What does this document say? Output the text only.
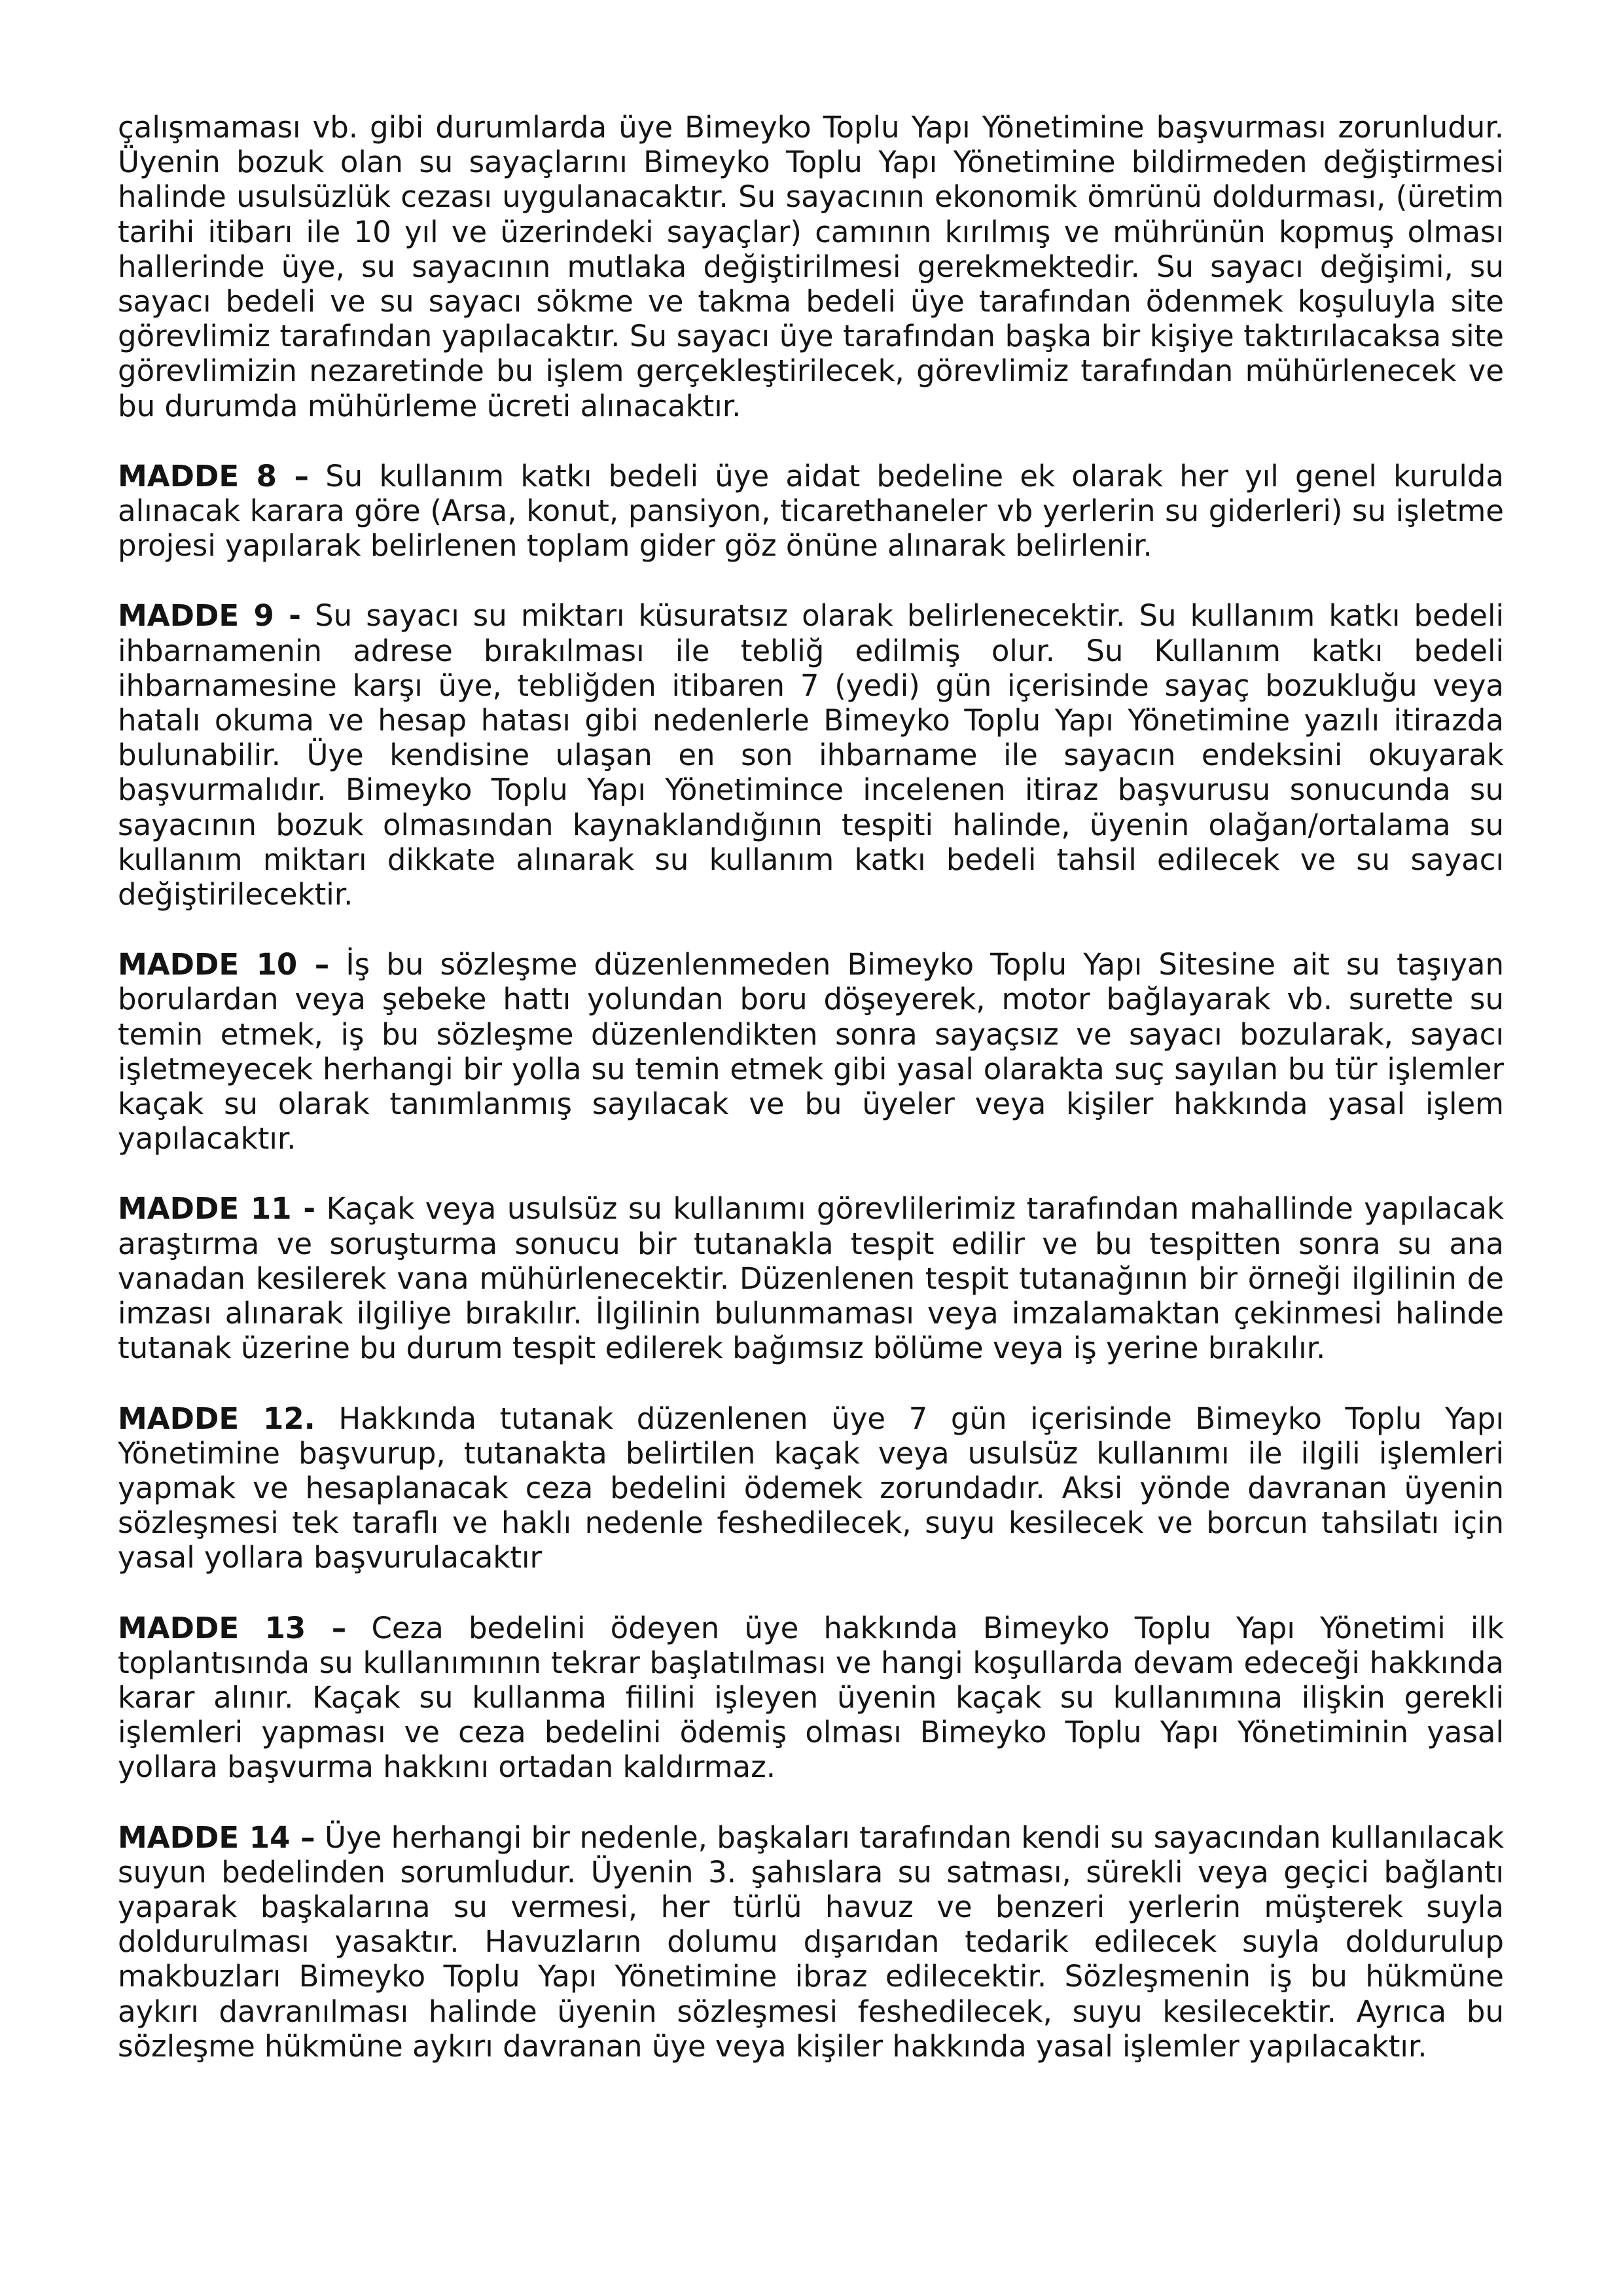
çalışmaması vb. gibi durumlarda üye Bimeyko Toplu Yapı Yönetimine başvurması zorunludur. Üyenin bozuk olan su sayaçlarını Bimeyko Toplu Yapı Yönetimine bildirmeden değiştirmesi halinde usulsüzlük cezası uygulanacaktır. Su sayacının ekonomik ömrünü doldurması, (üretim tarihi itibarı ile 10 yıl ve üzerindeki sayaçlar) camının kırılmış ve mührünün kopmuş olması hallerinde üye, su sayacının mutlaka değiştirilmesi gerekmektedir. Su sayacı değişimi, su sayacı bedeli ve su sayacı sökme ve takma bedeli üye tarafından ödenmek koşuluyla site görevlimiz tarafından yapılacaktır. Su sayacı üye tarafından başka bir kişiye taktırılacaksa site görevlimizin nezaretinde bu işlem gerçekleştirilecek, görevlimiz tarafından mühürlenecek ve bu durumda mühürleme ücreti alınacaktır.

MADDE 8 – Su kullanım katkı bedeli üye aidat bedeline ek olarak her yıl genel kurulda alınacak karara göre (Arsa, konut, pansiyon, ticarethaneler vb yerlerin su giderleri) su işletme projesi yapılarak belirlenen toplam gider göz önüne alınarak belirlenir.

MADDE 9 - Su sayacı su miktarı küsuratsız olarak belirlenecektir. Su kullanım katkı bedeli ihbarnamenin adrese bırakılması ile tebliğ edilmiş olur. Su Kullanım katkı bedeli ihbarnamesine karşı üye, tebliğden itibaren 7 (yedi) gün içerisinde sayaç bozukluğu veya hatalı okuma ve hesap hatası gibi nedenlerle Bimeyko Toplu Yapı Yönetimine yazılı itirazda bulunabilir. Üye kendisine ulaşan en son ihbarname ile sayacın endeksini okuyarak başvurmalıdır. Bimeyko Toplu Yapı Yönetimince incelenen itiraz başvurusu sonucunda su sayacının bozuk olmasından kaynaklandığının tespiti halinde, üyenin olağan/ortalama su kullanım miktarı dikkate alınarak su kullanım katkı bedeli tahsil edilecek ve su sayacı değiştirilecektir.

MADDE 10 – İş bu sözleşme düzenlenmeden Bimeyko Toplu Yapı Sitesine ait su taşıyan borulardan veya şebeke hattı yolundan boru döşeyerek, motor bağlayarak vb. surette su temin etmek, iş bu sözleşme düzenlendikten sonra sayaçsız ve sayacı bozularak, sayacı işletmeyecek herhangi bir yolla su temin etmek gibi yasal olarakta suç sayılan bu tür işlemler kaçak su olarak tanımlanmış sayılacak ve bu üyeler veya kişiler hakkında yasal işlem yapılacaktır.

MADDE 11 - Kaçak veya usulsüz su kullanımı görevlilerimiz tarafından mahallinde yapılacak araştırma ve soruşturma sonucu bir tutanakla tespit edilir ve bu tespitten sonra su ana vanadan kesilerek vana mühürlenecektir. Düzenlenen tespit tutanağının bir örneği ilgilinin de imzası alınarak ilgiliye bırakılır. İlgilinin bulunmaması veya imzalamaktan çekinmesi halinde tutanak üzerine bu durum tespit edilerek bağımsız bölüme veya iş yerine bırakılır.

MADDE 12. Hakkında tutanak düzenlenen üye 7 gün içerisinde Bimeyko Toplu Yapı Yönetimine başvurup, tutanakta belirtilen kaçak veya usulsüz kullanımı ile ilgili işlemleri yapmak ve hesaplanacak ceza bedelini ödemek zorundadır. Aksi yönde davranan üyenin sözleşmesi tek taraflı ve haklı nedenle feshedilecek, suyu kesilecek ve borcun tahsilatı için yasal yollara başvurulacaktır

MADDE 13 – Ceza bedelini ödeyen üye hakkında Bimeyko Toplu Yapı Yönetimi ilk toplantısında su kullanımının tekrar başlatılması ve hangi koşullarda devam edeceği hakkında karar alınır. Kaçak su kullanma fiilini işleyen üyenin kaçak su kullanımına ilişkin gerekli işlemleri yapması ve ceza bedelini ödemiş olması Bimeyko Toplu Yapı Yönetiminin yasal yollara başvurma hakkını ortadan kaldırmaz.

MADDE 14 – Üye herhangi bir nedenle, başkaları tarafından kendi su sayacından kullanılacak suyun bedelinden sorumludur. Üyenin 3. şahıslara su satması, sürekli veya geçici bağlantı yaparak başkalarına su vermesi, her türlü havuz ve benzeri yerlerin müşterek suyla doldurulması yasaktır. Havuzların dolumu dışarıdan tedarik edilecek suyla doldurulup makbuzları Bimeyko Toplu Yapı Yönetimine ibraz edilecektir. Sözleşmenin iş bu hükmüne aykırı davranılması halinde üyenin sözleşmesi feshedilecek, suyu kesilecektir. Ayrıca bu sözleşme hükmüne aykırı davranan üye veya kişiler hakkında yasal işlemler yapılacaktır.
